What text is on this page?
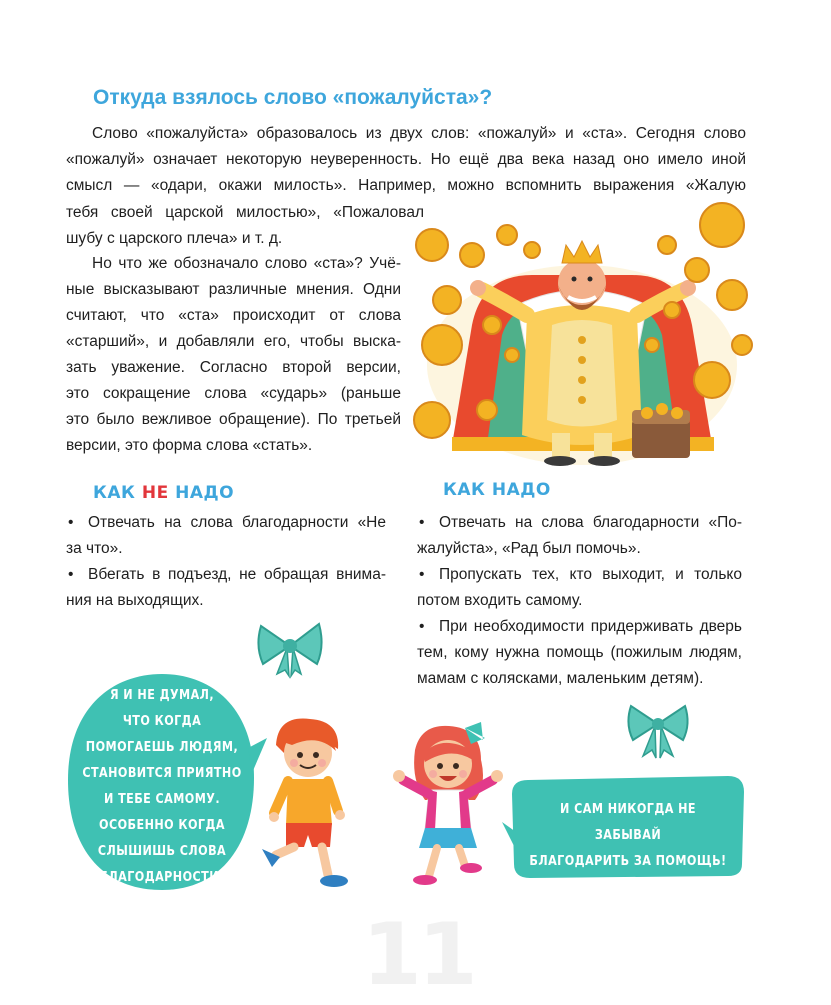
Откуда взялось слово «пожалуйста»?
Слово «пожалуйста» образовалось из двух слов: «пожалуй» и «ста». Сегодня слово
«пожалуй» означает некоторую неуверенность. Но ещё два века назад оно имело иной
смысл — «одари, окажи милость». Например, можно вспомнить выражения «Жалую
тебя своей царской милостью», «Пожаловал
шубу с царского плеча» и т. д.
Но что же обозначало слово «ста»? Учё-
ные высказывают различные мнения. Одни
считают, что «ста» происходит от слова
«старший», и добавляли его, чтобы выска-
зать уважение. Согласно второй версии,
это сокращение слова «сударь» (раньше
это было вежливое обращение). По третьей
версии, это форма слова «стать».
КАК НЕ НАДО
• Отвечать на слова благодарности «Не
за что».
• Вбегать в подъезд, не обращая внима-
ния на выходящих.
КАК НАДО
• Отвечать на слова благодарности «По-
жалуйста», «Рад был помочь».
• Пропускать тех, кто выходит, и только
потом входить самому.
• При необходимости придерживать дверь
тем, кому нужна помощь (пожилым людям,
мамам с колясками, маленьким детям).
Я И НЕ ДУМАЛ,
ЧТО КОГДА
ПОМОГАЕШЬ ЛЮДЯМ,
СТАНОВИТСЯ ПРИЯТНО
И ТЕБЕ САМОМУ.
ОСОБЕННО КОГДА
СЛЫШИШЬ СЛОВА
БЛАГОДАРНОСТИ!
И САМ НИКОГДА НЕ ЗАБЫВАЙ
БЛАГОДАРИТЬ ЗА ПОМОЩЬ!
11
